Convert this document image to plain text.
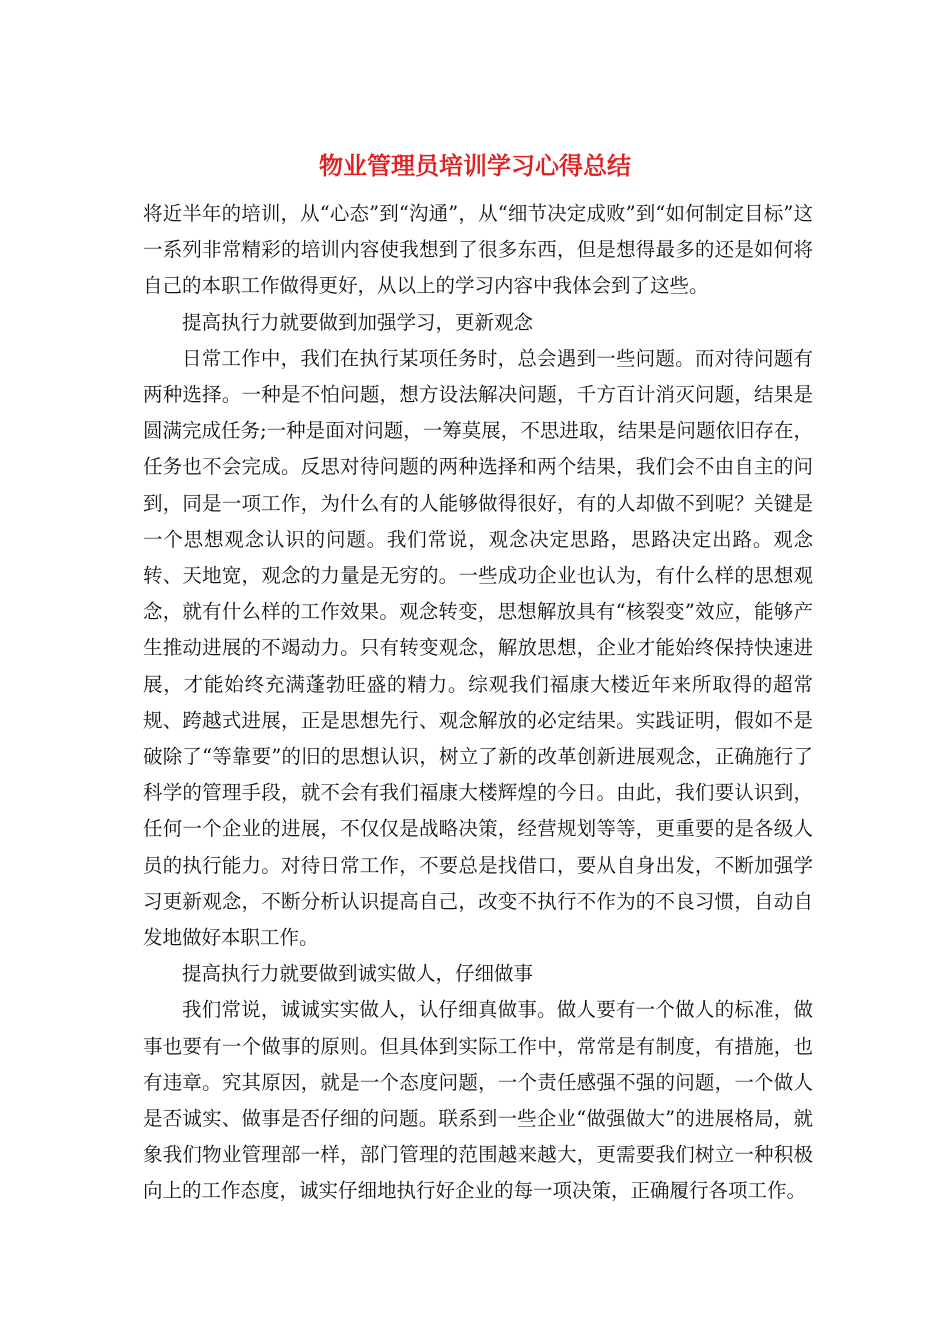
物业管理员培训学习心得总结

将近半年的培训，从“心态”到“沟通”，从“细节决定成败”到“如何制定目标”这一系列非常精彩的培训内容使我想到了很多东西，但是想得最多的还是如何将自己的本职工作做得更好，从以上的学习内容中我体会到了这些。

提高执行力就要做到加强学习，更新观念

日常工作中，我们在执行某项任务时，总会遇到一些问题。而对待问题有两种选择。一种是不怕问题，想方设法解决问题，千方百计消灭问题，结果是圆满完成任务;一种是面对问题，一筹莫展，不思进取，结果是问题依旧存在，任务也不会完成。反思对待问题的两种选择和两个结果，我们会不由自主的问到，同是一项工作，为什么有的人能够做得很好，有的人却做不到呢？关键是一个思想观念认识的问题。我们常说，观念决定思路，思路决定出路。观念转、天地宽，观念的力量是无穷的。一些成功企业也认为，有什么样的思想观念，就有什么样的工作效果。观念转变，思想解放具有“核裂变”效应，能够产生推动进展的不竭动力。只有转变观念，解放思想，企业才能始终保持快速进展，才能始终充满蓬勃旺盛的精力。综观我们福康大楼近年来所取得的超常规、跨越式进展，正是思想先行、观念解放的必定结果。实践证明，假如不是破除了“等靠要”的旧的思想认识，树立了新的改革创新进展观念，正确施行了科学的管理手段，就不会有我们福康大楼辉煌的今日。由此，我们要认识到，任何一个企业的进展，不仅仅是战略决策，经营规划等等，更重要的是各级人员的执行能力。对待日常工作，不要总是找借口，要从自身出发，不断加强学习更新观念，不断分析认识提高自己，改变不执行不作为的不良习惯，自动自发地做好本职工作。

提高执行力就要做到诚实做人，仔细做事

我们常说，诚诚实实做人，认仔细真做事。做人要有一个做人的标准，做事也要有一个做事的原则。但具体到实际工作中，常常是有制度，有措施，也有违章。究其原因，就是一个态度问题，一个责任感强不强的问题，一个做人是否诚实、做事是否仔细的问题。联系到一些企业“做强做大”的进展格局，就象我们物业管理部一样，部门管理的范围越来越大，更需要我们树立一种积极向上的工作态度，诚实仔细地执行好企业的每一项决策，正确履行各项工作。
